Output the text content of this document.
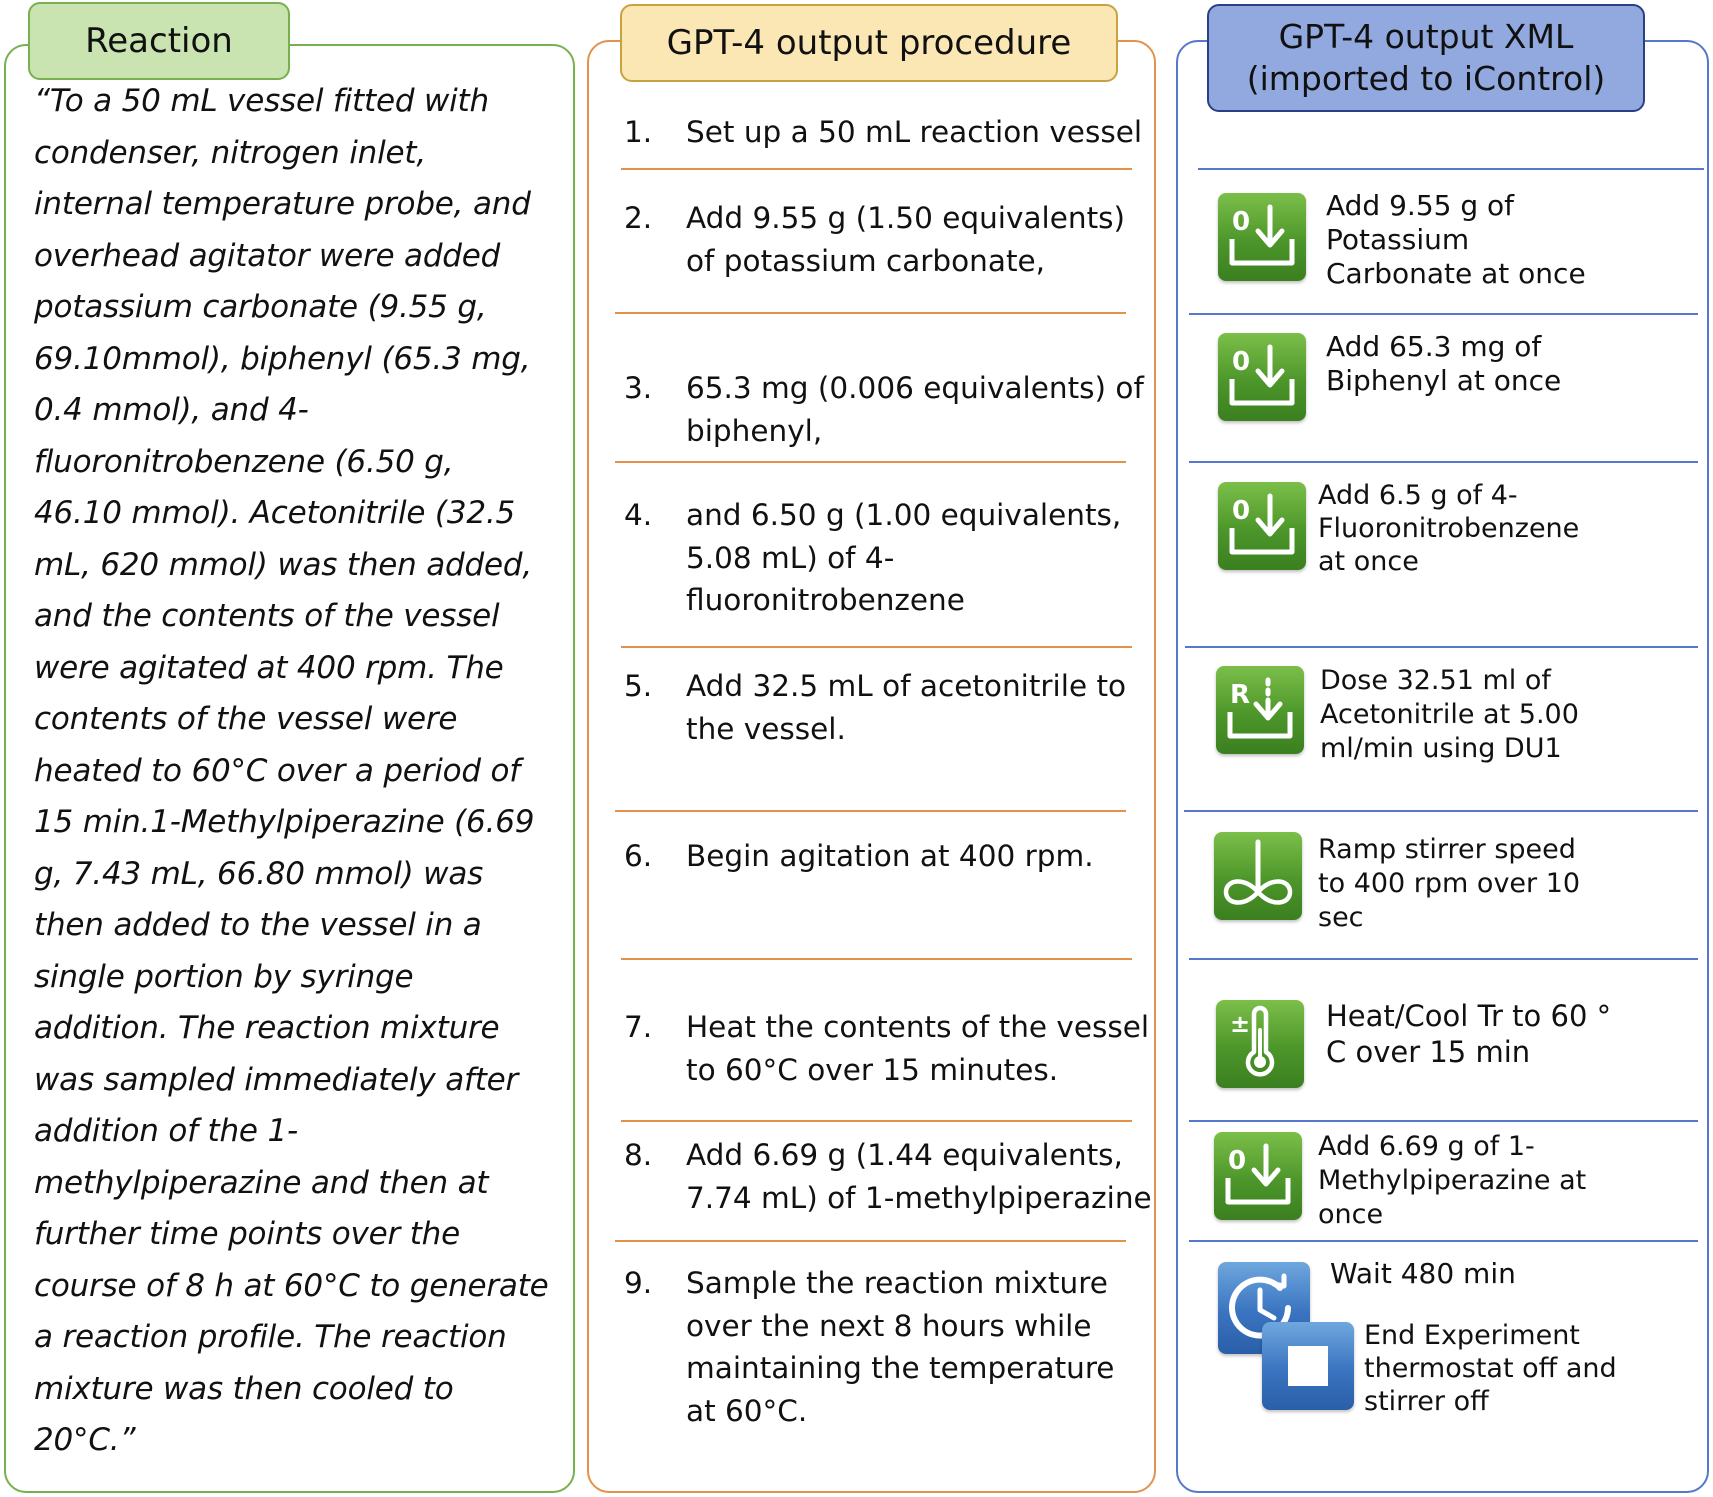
Reaction
“To a 50 mL vessel fitted with
condenser, nitrogen inlet,
internal temperature probe, and
overhead agitator were added
potassium carbonate (9.55 g,
69.10mmol), biphenyl (65.3 mg,
0.4 mmol), and 4-
fluoronitrobenzene (6.50 g,
46.10 mmol). Acetonitrile (32.5
mL, 620 mmol) was then added,
and the contents of the vessel
were agitated at 400 rpm. The
contents of the vessel were
heated to 60°C over a period of
15 min.1-Methylpiperazine (6.69
g, 7.43 mL, 66.80 mmol) was
then added to the vessel in a
single portion by syringe
addition. The reaction mixture
was sampled immediately after
addition of the 1-
methylpiperazine and then at
further time points over the
course of 8 h at 60°C to generate
a reaction profile. The reaction
mixture was then cooled to
20°C.”
GPT-4 output procedure
1.	Set up a 50 mL reaction vessel
2.	Add 9.55 g (1.50 equivalents)
of potassium carbonate,
3.	65.3 mg (0.006 equivalents) of
biphenyl,
4.	and 6.50 g (1.00 equivalents,
5.08 mL) of 4-
fluoronitrobenzene
5.	Add 32.5 mL of acetonitrile to
the vessel.
6.	Begin agitation at 400 rpm.
7.	Heat the contents of the vessel
to 60°C over 15 minutes.
8.	Add 6.69 g (1.44 equivalents,
7.74 mL) of 1-methylpiperazine
9.	Sample the reaction mixture
over the next 8 hours while
maintaining the temperature
at 60°C.
GPT-4 output XML
(imported to iControl)
0	Add 9.55 g of
Potassium
Carbonate at once
0	Add 65.3 mg of
Biphenyl at once
0	Add 6.5 g of 4-
Fluoronitrobenzene
at once
R	Dose 32.51 ml of
Acetonitrile at 5.00
ml/min using DU1
Ramp stirrer speed
to 400 rpm over 10
sec
±	Heat/Cool Tr to 60 °
C over 15 min
0	Add 6.69 g of 1-
Methylpiperazine at
once
Wait 480 min
End Experiment
thermostat off and
stirrer off
